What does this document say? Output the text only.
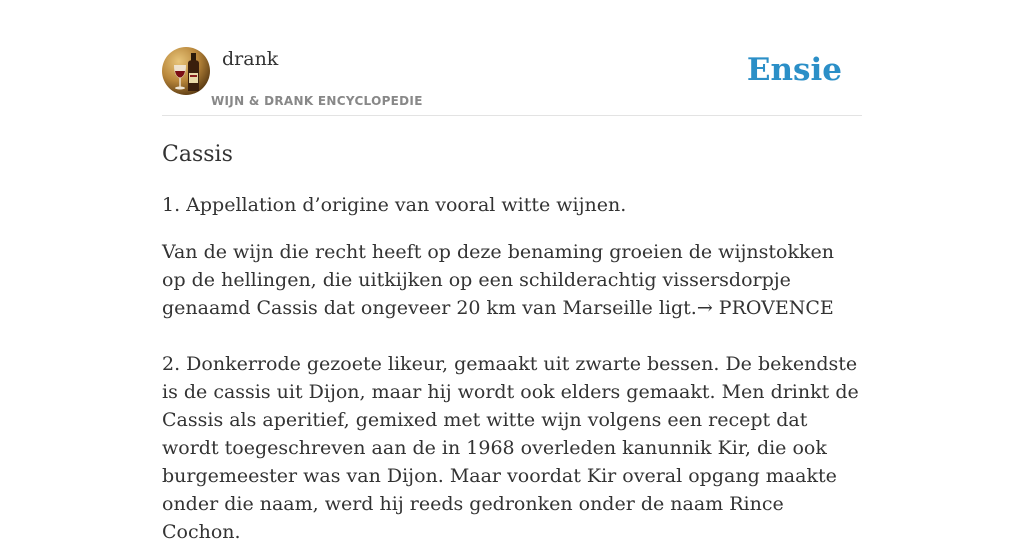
drank
WIJN & DRANK ENCYCLOPEDIE
Ensie
Cassis

1. Appellation d’origine van vooral witte wijnen.

Van de wijn die recht heeft op deze benaming groeien de wijnstokken op de hellingen, die uitkijken op een schilderachtig vissersdorpje genaamd Cassis dat ongeveer 20 km van Marseille ligt.→ PROVENCE

2. Donkerrode gezoete likeur, gemaakt uit zwarte bessen. De bekendste is de cassis uit Dijon, maar hij wordt ook elders gemaakt. Men drinkt de Cassis als aperitief, gemixed met witte wijn volgens een recept dat wordt toegeschreven aan de in 1968 overleden kanunnik Kir, die ook burgemeester was van Dijon. Maar voordat Kir overal opgang maakte onder die naam, werd hij reeds gedronken onder de naam Rince Cochon.
